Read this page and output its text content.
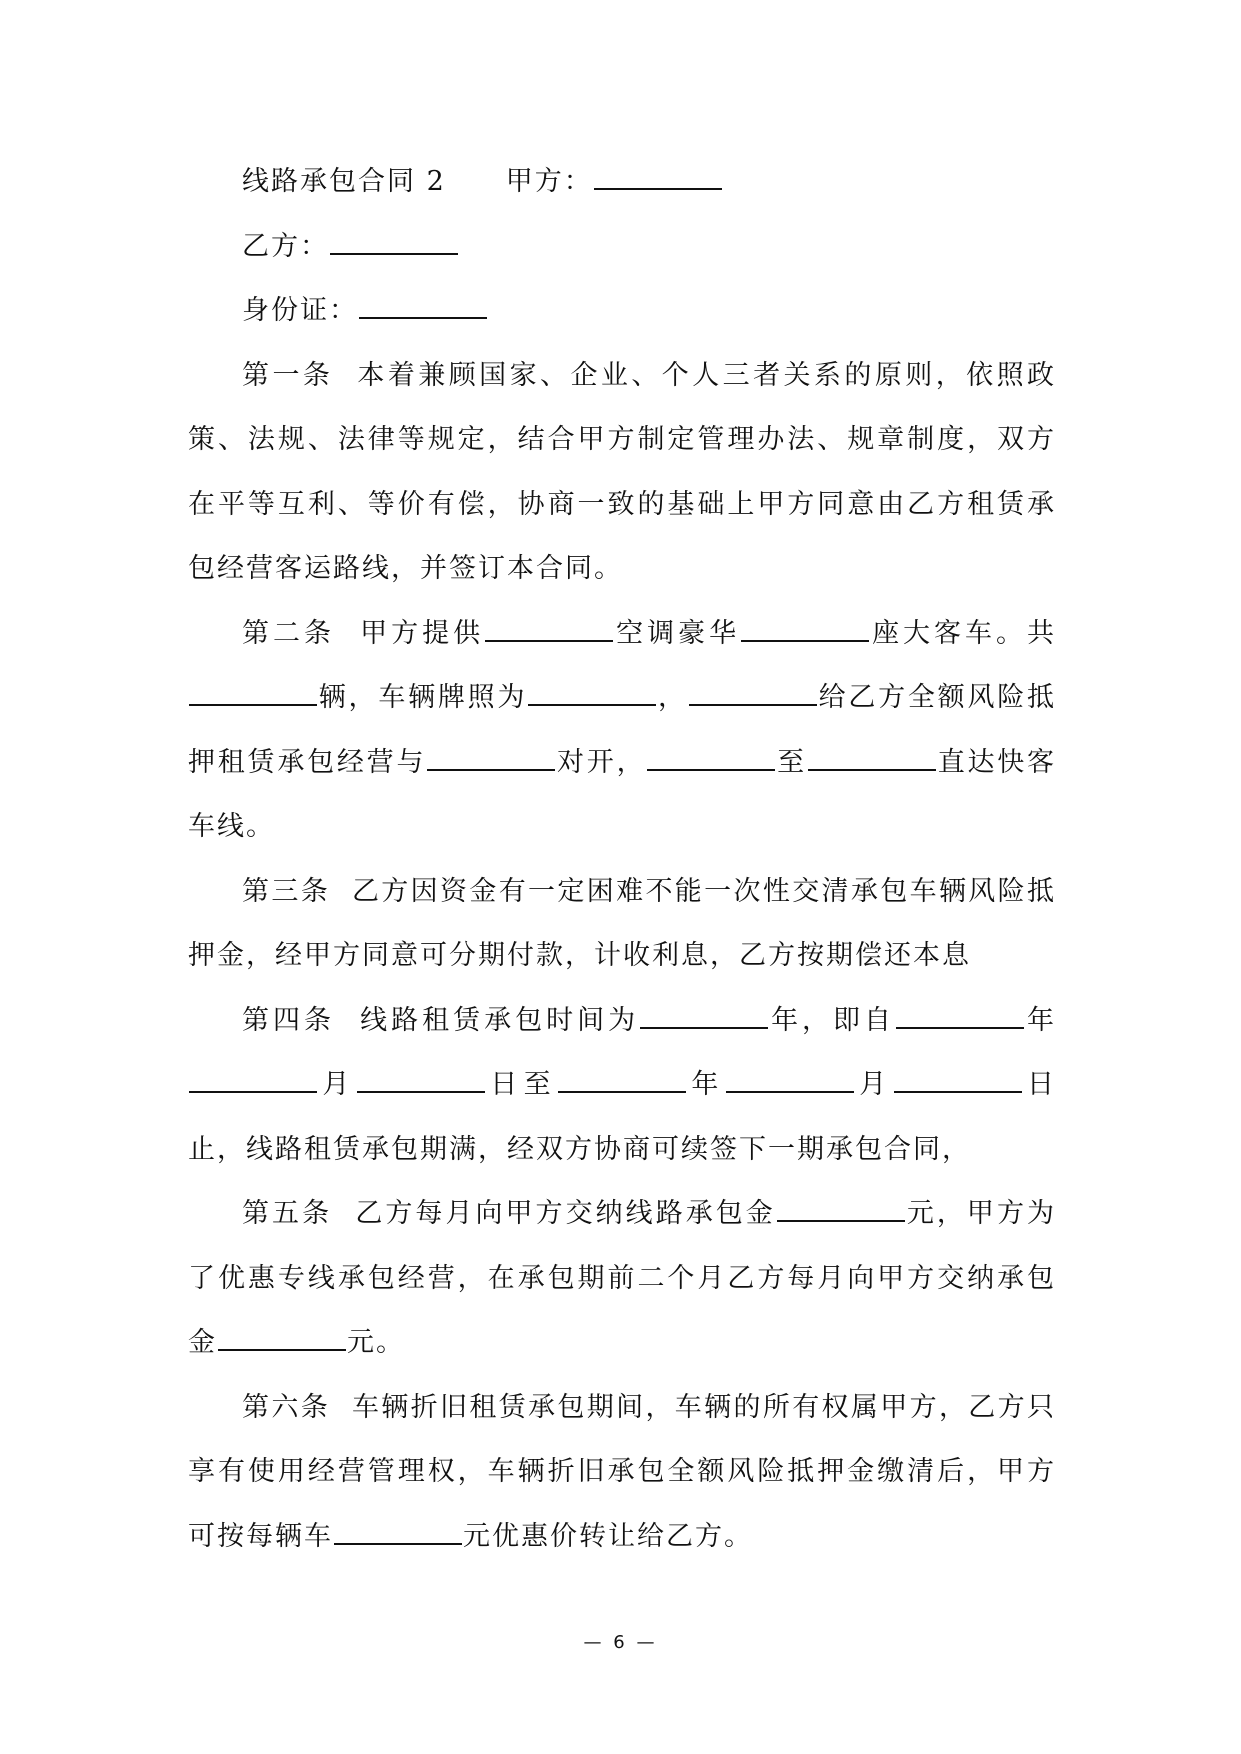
线路承包合同 2 甲方：

乙方：

身份证：

第一条 本着兼顾国家、企业、个人三者关系的原则，依照政策、法规、法律等规定，结合甲方制定管理办法、规章制度，双方在平等互利、等价有偿，协商一致的基础上甲方同意由乙方租赁承包经营客运路线，并签订本合同。

第二条 甲方提供	空调豪华	座大客车。共辆，车辆牌照为	，	给乙方全额风险抵押租赁承包经营与	对开，	至	直达快客车线。

第三条 乙方因资金有一定困难不能一次性交清承包车辆风险抵押金，经甲方同意可分期付款，计收利息，乙方按期偿还本息

第四条 线路租赁承包时间为	年，即自	年月	日至	年	月	日止，线路租赁承包期满，经双方协商可续签下一期承包合同，

第五条 乙方每月向甲方交纳线路承包金	元，甲方为了优惠专线承包经营，在承包期前二个月乙方每月向甲方交纳承包金	元。

第六条 车辆折旧租赁承包期间，车辆的所有权属甲方，乙方只享有使用经营管理权，车辆折旧承包全额风险抵押金缴清后，甲方可按每辆车	元优惠价转让给乙方。

— 6 —
